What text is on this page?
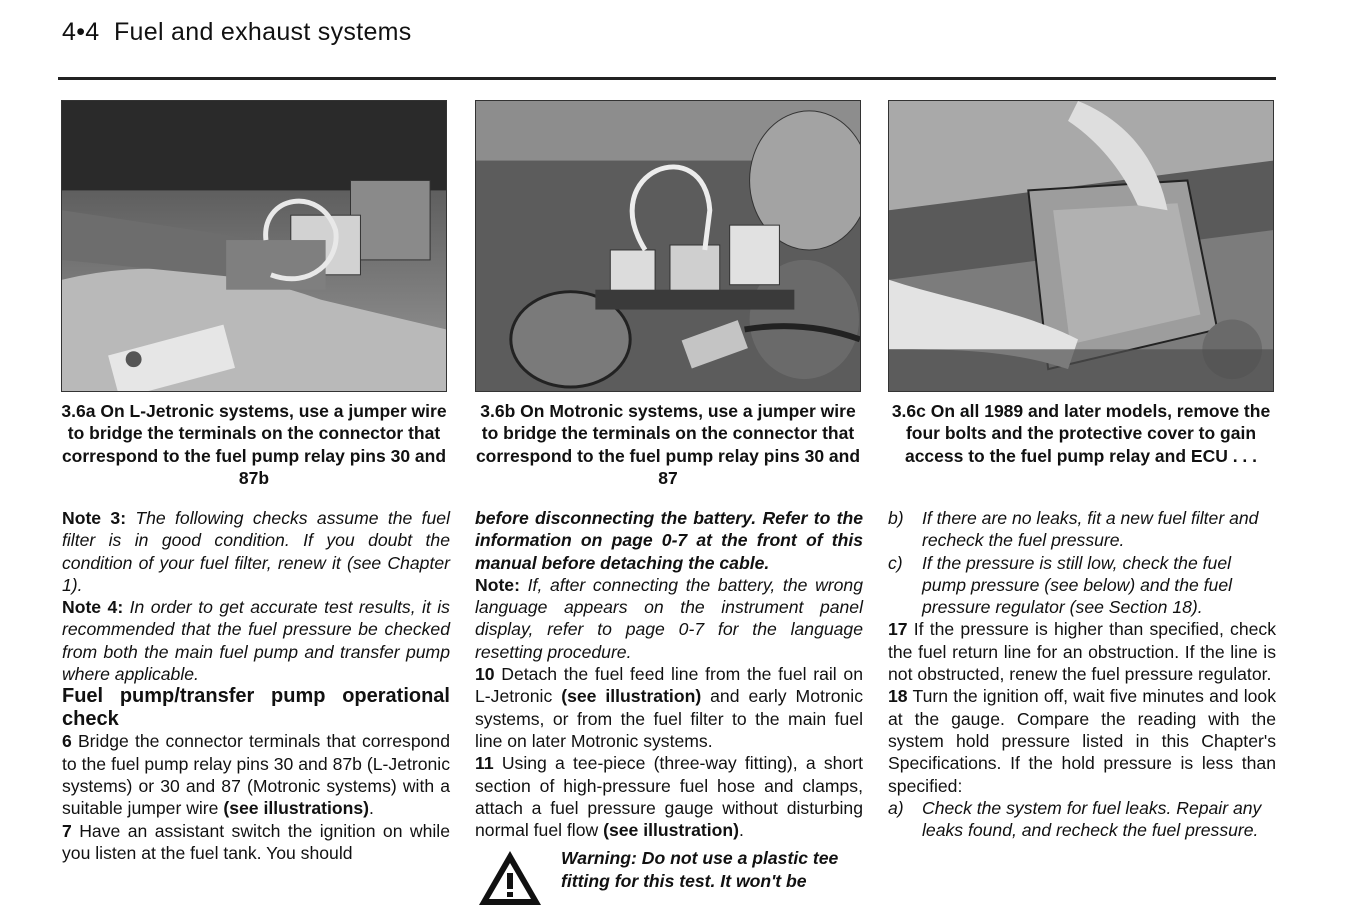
4•4 Fuel and exhaust systems
3.6a On L-Jetronic systems, use a jumper wire to bridge the terminals on the connector that correspond to the fuel pump relay pins 30 and 87b
3.6b On Motronic systems, use a jumper wire to bridge the terminals on the connector that correspond to the fuel pump relay pins 30 and 87
3.6c On all 1989 and later models, remove the four bolts and the protective cover to gain access to the fuel pump relay and ECU . . .

Note 3: The following checks assume the fuel filter is in good condition. If you doubt the condition of your fuel filter, renew it (see Chapter 1).

Note 4: In order to get accurate test results, it is recommended that the fuel pressure be checked from both the main fuel pump and transfer pump where applicable.

Fuel pump/transfer pump operational check

6 Bridge the connector terminals that correspond to the fuel pump relay pins 30 and 87b (L-Jetronic systems) or 30 and 87 (Motronic systems) with a suitable jumper wire (see illustrations).

7 Have an assistant switch the ignition on while you listen at the fuel tank. You should

before disconnecting the battery. Refer to the information on page 0-7 at the front of this manual before detaching the cable.

Note: If, after connecting the battery, the wrong language appears on the instrument panel display, refer to page 0-7 for the language resetting procedure.

10 Detach the fuel feed line from the fuel rail on L-Jetronic (see illustration) and early Motronic systems, or from the fuel filter to the main fuel line on later Motronic systems.

11 Using a tee-piece (three-way fitting), a short section of high-pressure fuel hose and clamps, attach a fuel pressure gauge without disturbing normal fuel flow (see illustration).

Warning: Do not use a plastic tee fitting for this test. It won't be
b)	If there are no leaks, fit a new fuel filter and recheck the fuel pressure.
c)	If the pressure is still low, check the fuel pump pressure (see below) and the fuel pressure regulator (see Section 18).

17 If the pressure is higher than specified, check the fuel return line for an obstruction. If the line is not obstructed, renew the fuel pressure regulator.

18 Turn the ignition off, wait five minutes and look at the gauge. Compare the reading with the system hold pressure listed in this Chapter's Specifications. If the hold pressure is less than specified:

a)	Check the system for fuel leaks. Repair any leaks found, and recheck the fuel pressure.
